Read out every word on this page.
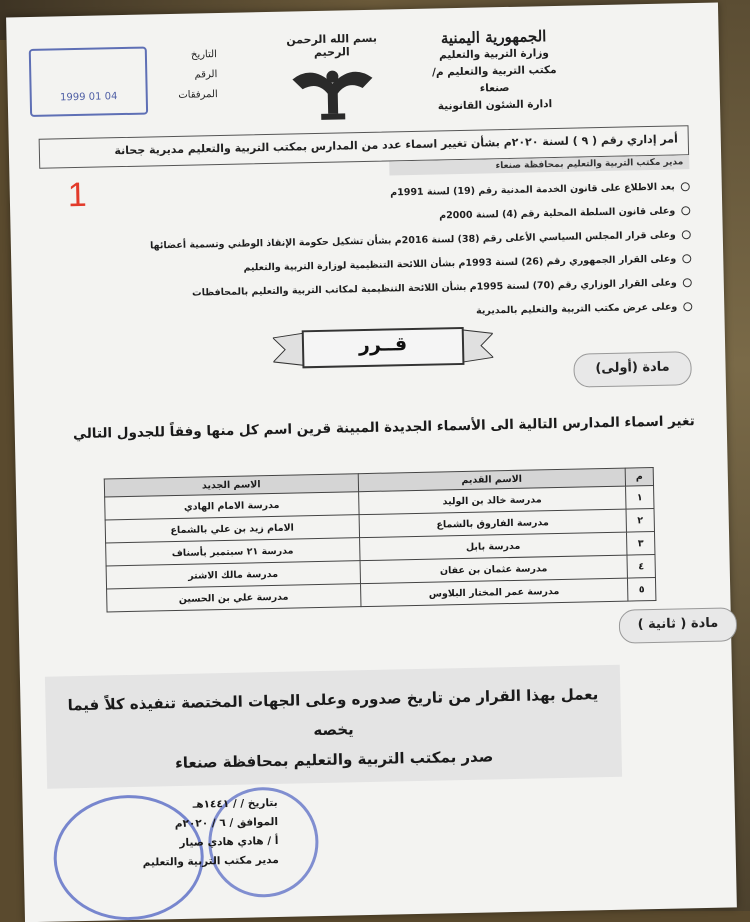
الجمهورية اليمنية
وزارة التربية والتعليم
مكتب التربية والتعليم م/صنعاء
ادارة الشئون القانونية
بسم الله الرحمن الرحيم
التاريخ
الرقم
المرفقات
04 01 1999
أمر إداري رقم ( ٩ ) لسنة ٢٠٢٠م بشأن تغيير اسماء عدد من المدارس بمكتب التربية والتعليم مديرية جحانة
مدير مكتب التربية والتعليم بمحافظة صنعاء
1	بعد الاطلاع على قانون الخدمة المدنية رقم (19) لسنة 1991م
وعلى قانون السلطة المحلية رقم (4) لسنة 2000م
وعلى قرار المجلس السياسي الأعلى رقم (38) لسنة 2016م بشأن تشكيل حكومة الإنقاذ الوطني وتسمية أعضائها
وعلى القرار الجمهوري رقم (26) لسنة 1993م بشأن اللائحة التنظيمية لوزارة التربية والتعليم
وعلى القرار الوزاري رقم (70) لسنة 1995م بشأن اللائحة التنظيمية لمكاتب التربية والتعليم بالمحافظات
وعلى عرض مكتب التربية والتعليم بالمديرية
قــرر
مادة (أولى)
تغير اسماء المدارس التالية الى الأسماء الجديدة المبينة قرين اسم كل منها وفقاً للجدول التالي
م	الاسم القديم	الاسم الجديد
١	مدرسة خالد بن الوليد	مدرسة الامام الهادي
٢	مدرسة الفاروق بالشماع	الامام زيد بن علي بالشماع
٣	مدرسة بابل	مدرسة ٢١ سبتمبر بأسناف
٤	مدرسة عثمان بن عفان	مدرسة مالك الاشتر
٥	مدرسة عمر المختار البلاوس	مدرسة علي بن الحسين
مادة ( ثانية )
يعمل بهذا القرار من تاريخ صدوره وعلى الجهات المختصة تنفيذه كلاً فيما يخصه
صدر بمكتب التربية والتعليم بمحافظة صنعاء
بتاريخ / / ١٤٤١هـ
الموافق / ٦ / ٢٠٢٠م
أ / هادي هادي صيار
مدير مكتب التربية والتعليم
